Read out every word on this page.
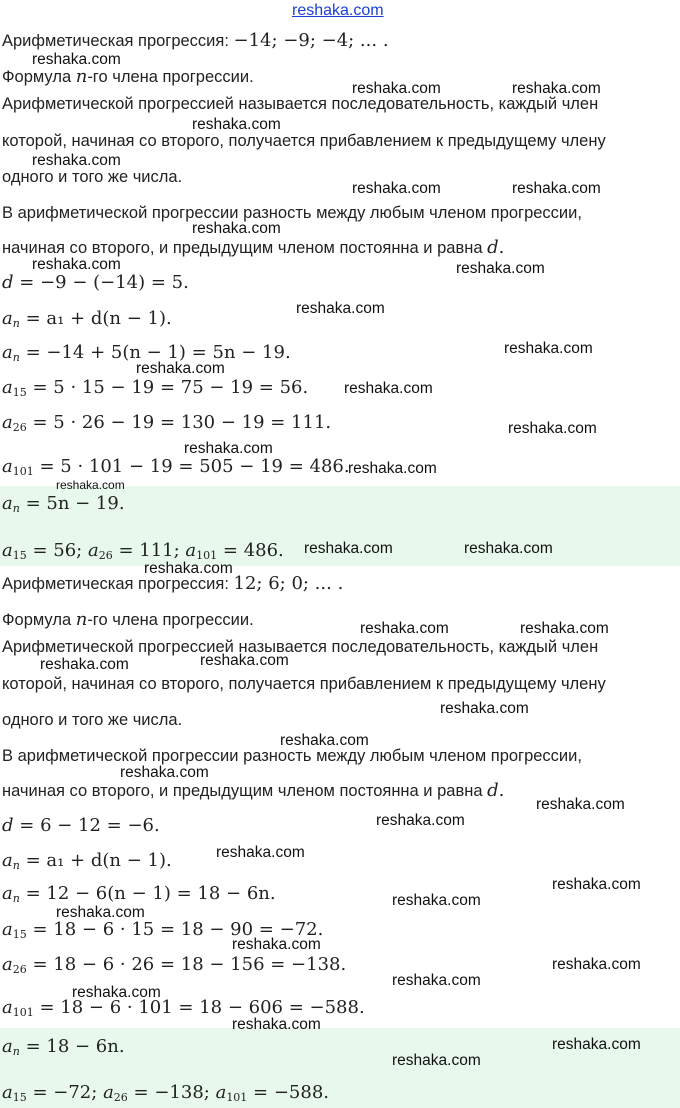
reshaka.com
Арифметическая прогрессия: −14; −9; −4; ... .
Формула n-го члена прогрессии.
Арифметической прогрессией называется последовательность, каждый член
которой, начиная со второго, получается прибавлением к предыдущему члену
одного и того же числа.
В арифметической прогрессии разность между любым членом прогрессии,
начиная со второго, и предыдущим членом постоянна и равна d.
d = −9 − (−14) = 5.
$a_n = a_1 + d(n - 1)$.
$a_n = -14 + 5(n - 1) = 5n - 19$.
$a_{15} = 5 \cdot 15 - 19 = 75 - 19 = 56$.
$a_{26} = 5 \cdot 26 - 19 = 130 - 19 = 111$.
$a_{101} = 5 \cdot 101 - 19 = 505 - 19 = 486$.
$a_n = 5n - 19$.
$a_{15} = 56$; $a_{26} = 111$; $a_{101} = 486$.
Арифметическая прогрессия: 12; 6; 0; ... .
Формула n-го члена прогрессии.
Арифметической прогрессией называется последовательность, каждый член
которой, начиная со второго, получается прибавлением к предыдущему члену
одного и того же числа.
В арифметической прогрессии разность между любым членом прогрессии,
начиная со второго, и предыдущим членом постоянна и равна d.
d = 6 − 12 = −6.
$a_n = a_1 + d(n - 1)$.
$a_n = 12 - 6(n - 1) = 18 - 6n$.
$a_{15} = 18 - 6 \cdot 15 = 18 - 90 = -72$.
$a_{26} = 18 - 6 \cdot 26 = 18 - 156 = -138$.
$a_{101} = 18 - 6 \cdot 101 = 18 - 606 = -588$.
$a_n = 18 - 6n$.
$a_{15} = -72$; $a_{26} = -138$; $a_{101} = -588$.
reshaka.com
reshaka.com	reshaka.com
reshaka.com
reshaka.com
reshaka.com	reshaka.com
reshaka.com
reshaka.com	reshaka.com
reshaka.com
reshaka.com
reshaka.com
reshaka.com
reshaka.com
reshaka.com
reshaka.com
reshaka.com
reshaka.com	reshaka.com
reshaka.com
reshaka.com	reshaka.com
reshaka.com
reshaka.com
reshaka.com
reshaka.com
reshaka.com
reshaka.com
reshaka.com
reshaka.com
reshaka.com
reshaka.com
reshaka.com
reshaka.com
reshaka.com
reshaka.com
reshaka.com
reshaka.com
reshaka.com
reshaka.com
